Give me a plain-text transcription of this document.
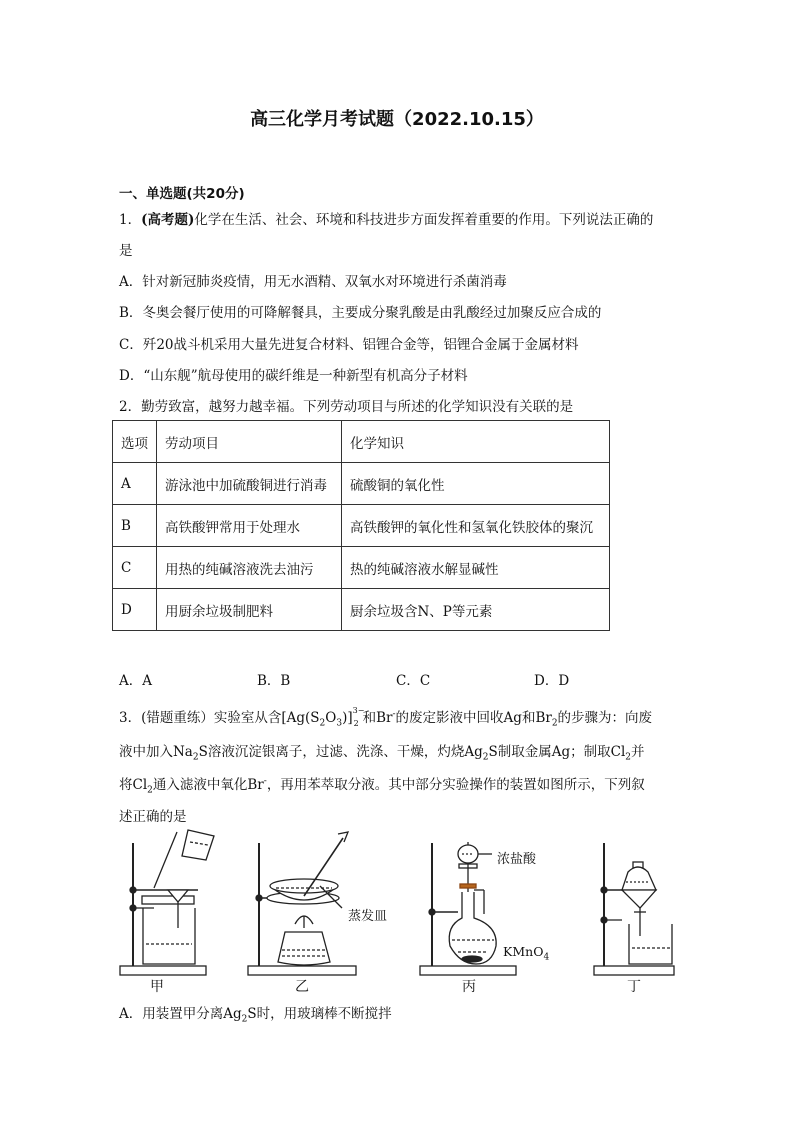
高三化学月考试题（2022.10.15）
一、单选题(共20分)
1．(高考题)化学在生活、社会、环境和科技进步方面发挥着重要的作用。下列说法正确的
是
A．针对新冠肺炎疫情，用无水酒精、双氧水对环境进行杀菌消毒
B．冬奥会餐厅使用的可降解餐具，主要成分聚乳酸是由乳酸经过加聚反应合成的
C．歼20战斗机采用大量先进复合材料、铝锂合金等，铝锂合金属于金属材料
D．“山东舰”航母使用的碳纤维是一种新型有机高分子材料
2．勤劳致富，越努力越幸福。下列劳动项目与所述的化学知识没有关联的是
选项	劳动项目	化学知识
A	游泳池中加硫酸铜进行消毒	硫酸铜的氧化性
B	高铁酸钾常用于处理水	高铁酸钾的氧化性和氢氧化铁胶体的聚沉
C	用热的纯碱溶液洗去油污	热的纯碱溶液水解显碱性
D	用厨余垃圾制肥料	厨余垃圾含N、P等元素
A．A	B．B	C．C	D．D
3．(错题重练）实验室从含$[Ag(S_2O_3)]$ 3−
2 和Br-的废定影液中回收Ag和$Br_2$的步骤为：向废
液中加入$Na_2S$溶液沉淀银离子，过滤、洗涤、干燥，灼烧$Ag_2S$制取金属Ag；制取$Cl_2$并
将$Cl_2$通入滤液中氧化Br-，再用苯萃取分液。其中部分实验操作的装置如图所示，下列叙
述正确的是
甲	乙	丙	丁
蒸发皿
浓盐酸
KMnO$_4$
A．用装置甲分离$Ag_2S$时，用玻璃棒不断搅拌
